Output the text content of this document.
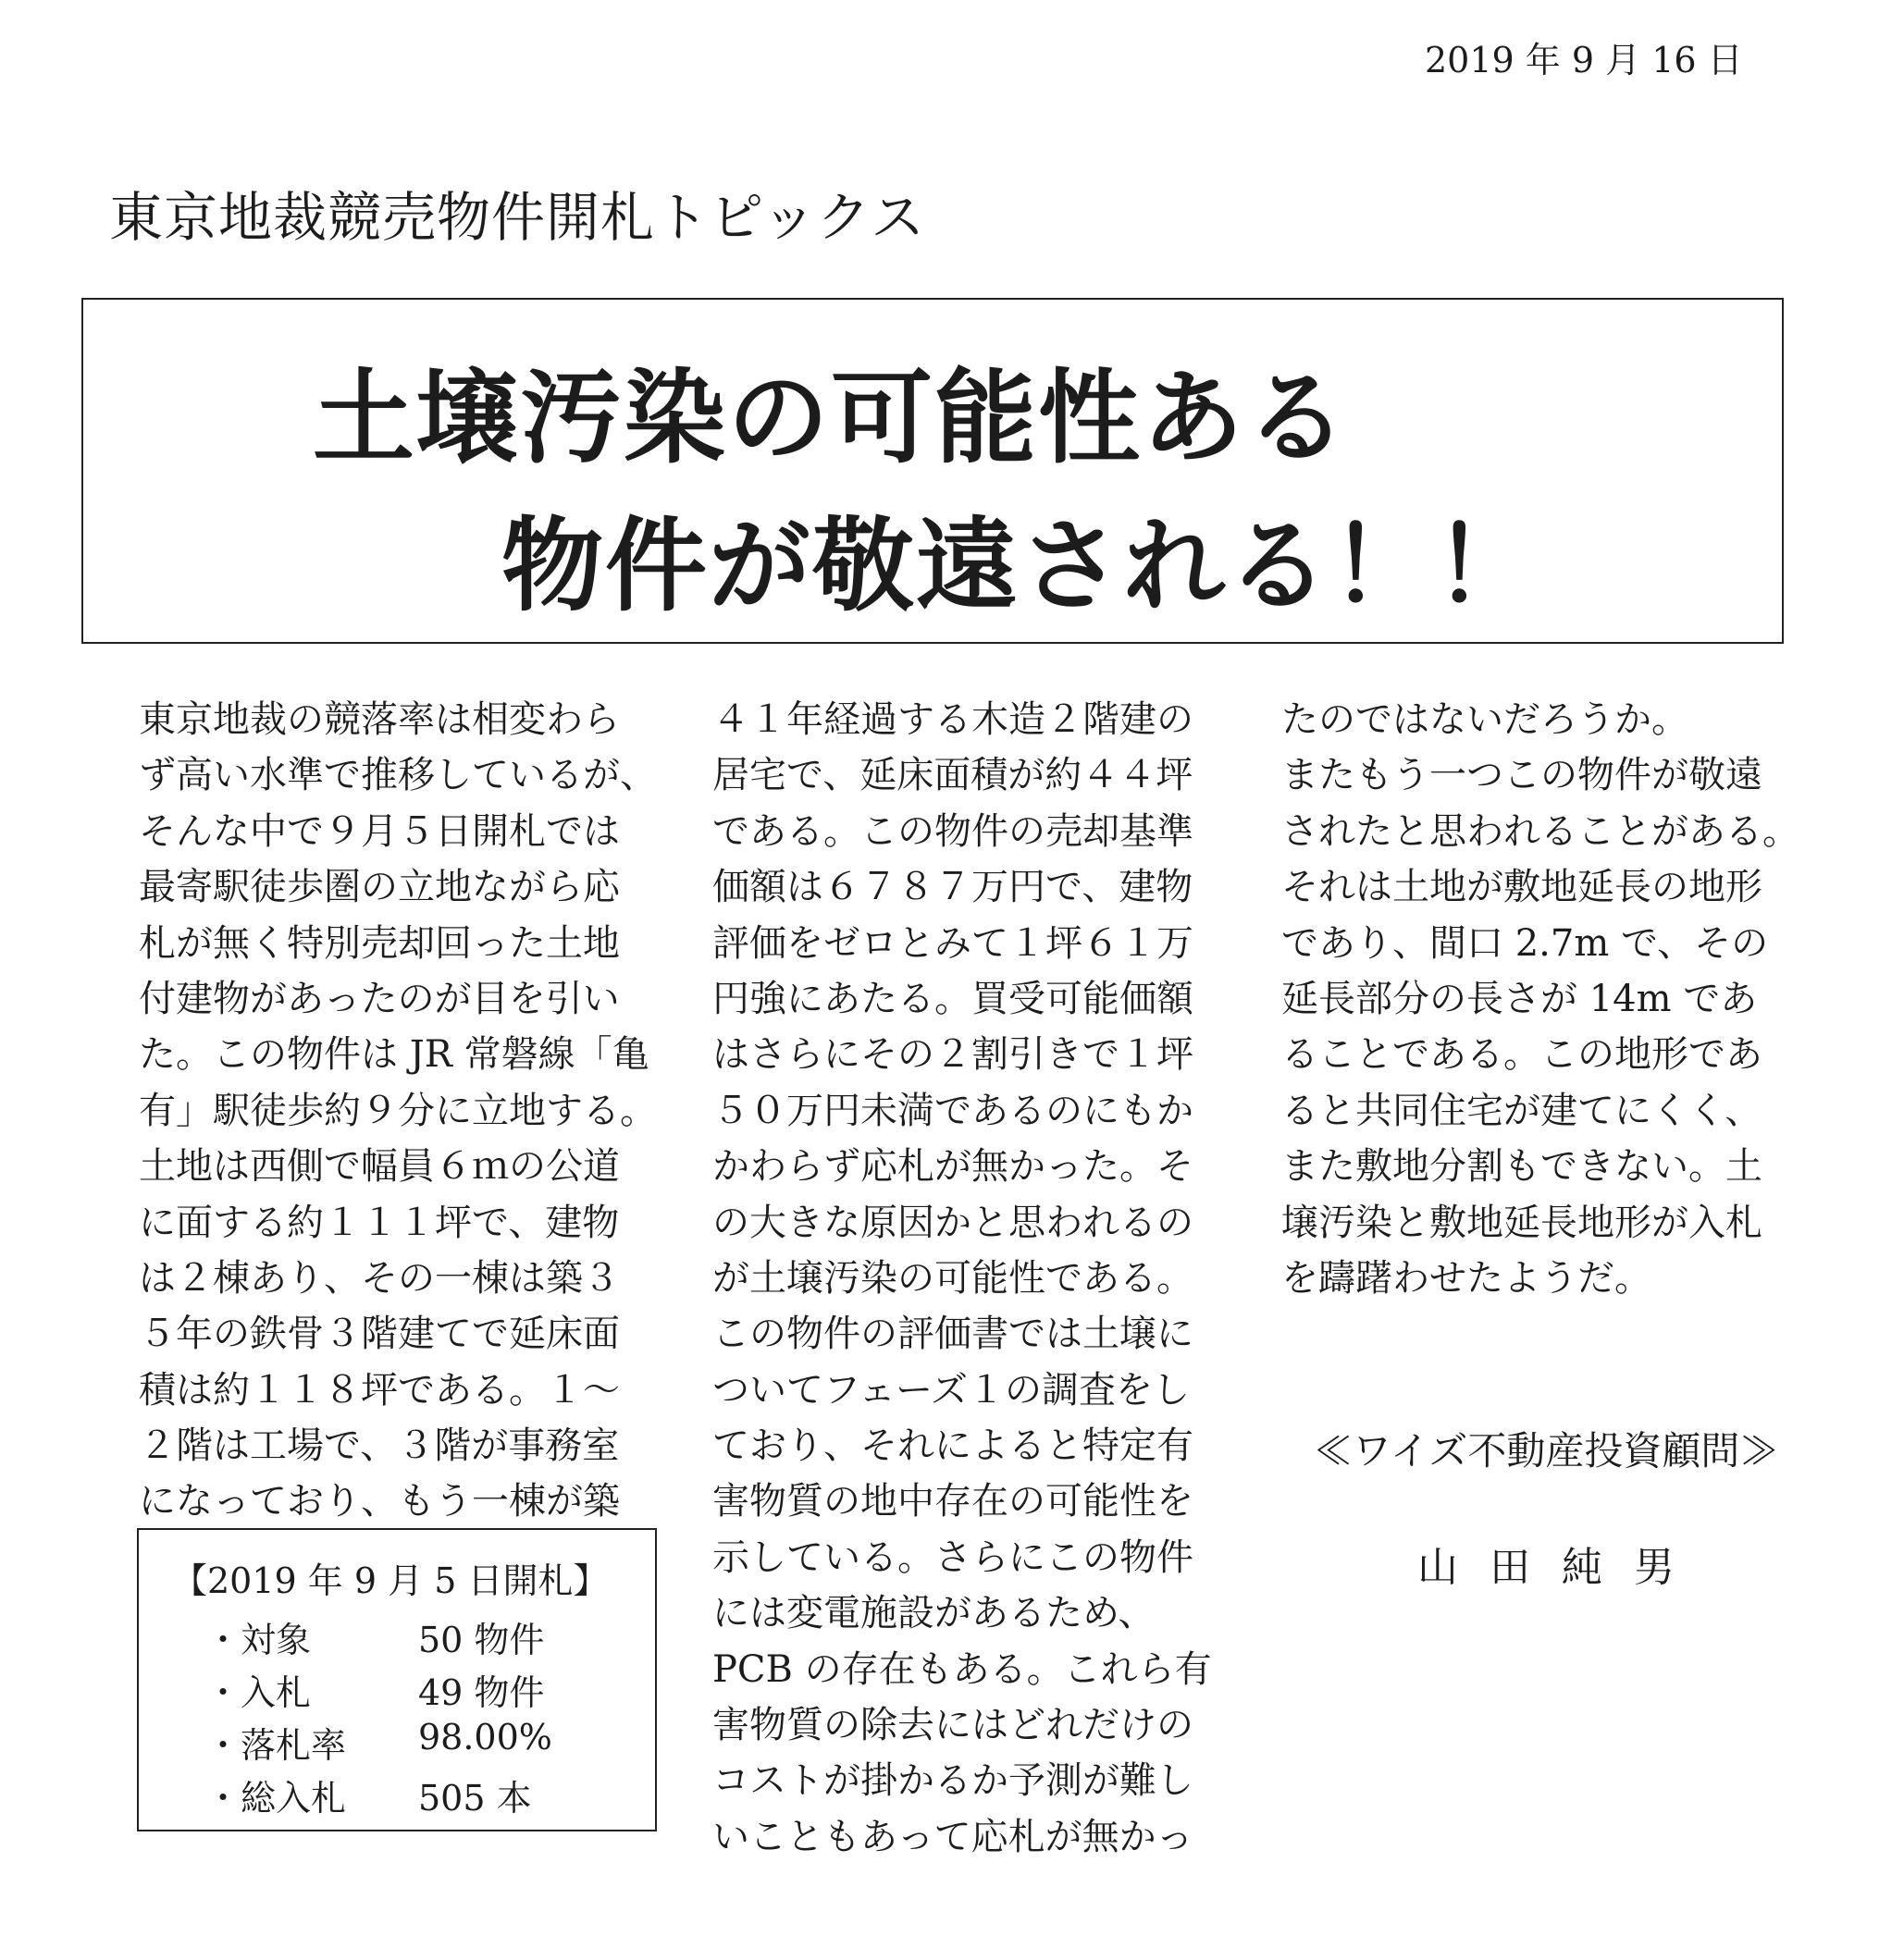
2019 年 9 月 16 日
東京地裁競売物件開札トピックス
土壌汚染の可能性ある
物件が敬遠される！！
東京地裁の競落率は相変わら
ず高い水準で推移しているが、
そんな中で９月５日開札では
最寄駅徒歩圏の立地ながら応
札が無く特別売却回った土地
付建物があったのが目を引い
た。この物件は JR 常磐線「亀
有」駅徒歩約９分に立地する。
土地は西側で幅員６ｍの公道
に面する約１１１坪で、建物
は２棟あり、その一棟は築３
５年の鉄骨３階建てで延床面
積は約１１８坪である。１～
２階は工場で、３階が事務室
になっており、もう一棟が築
４１年経過する木造２階建の
居宅で、延床面積が約４４坪
である。この物件の売却基準
価額は６７８７万円で、建物
評価をゼロとみて１坪６１万
円強にあたる。買受可能価額
はさらにその２割引きで１坪
５０万円未満であるのにもか
かわらず応札が無かった。そ
の大きな原因かと思われるの
が土壌汚染の可能性である。
この物件の評価書では土壌に
ついてフェーズ１の調査をし
ており、それによると特定有
害物質の地中存在の可能性を
示している。さらにこの物件
には変電施設があるため、
PCB の存在もある。これら有
害物質の除去にはどれだけの
コストが掛かるか予測が難し
いこともあって応札が無かっ
たのではないだろうか。
またもう一つこの物件が敬遠
されたと思われることがある。
それは土地が敷地延長の地形
であり、間口 2.7m で、その
延長部分の長さが 14m であ
ることである。この地形であ
ると共同住宅が建てにくく、
また敷地分割もできない。土
壌汚染と敷地延長地形が入札
を躊躇わせたようだ。
【2019 年 9 月 5 日開札】
・対象	50 物件
・入札	49 物件
・落札率 98.00%
・総入札 505 本
≪ワイズ不動産投資顧問≫
山田純男
